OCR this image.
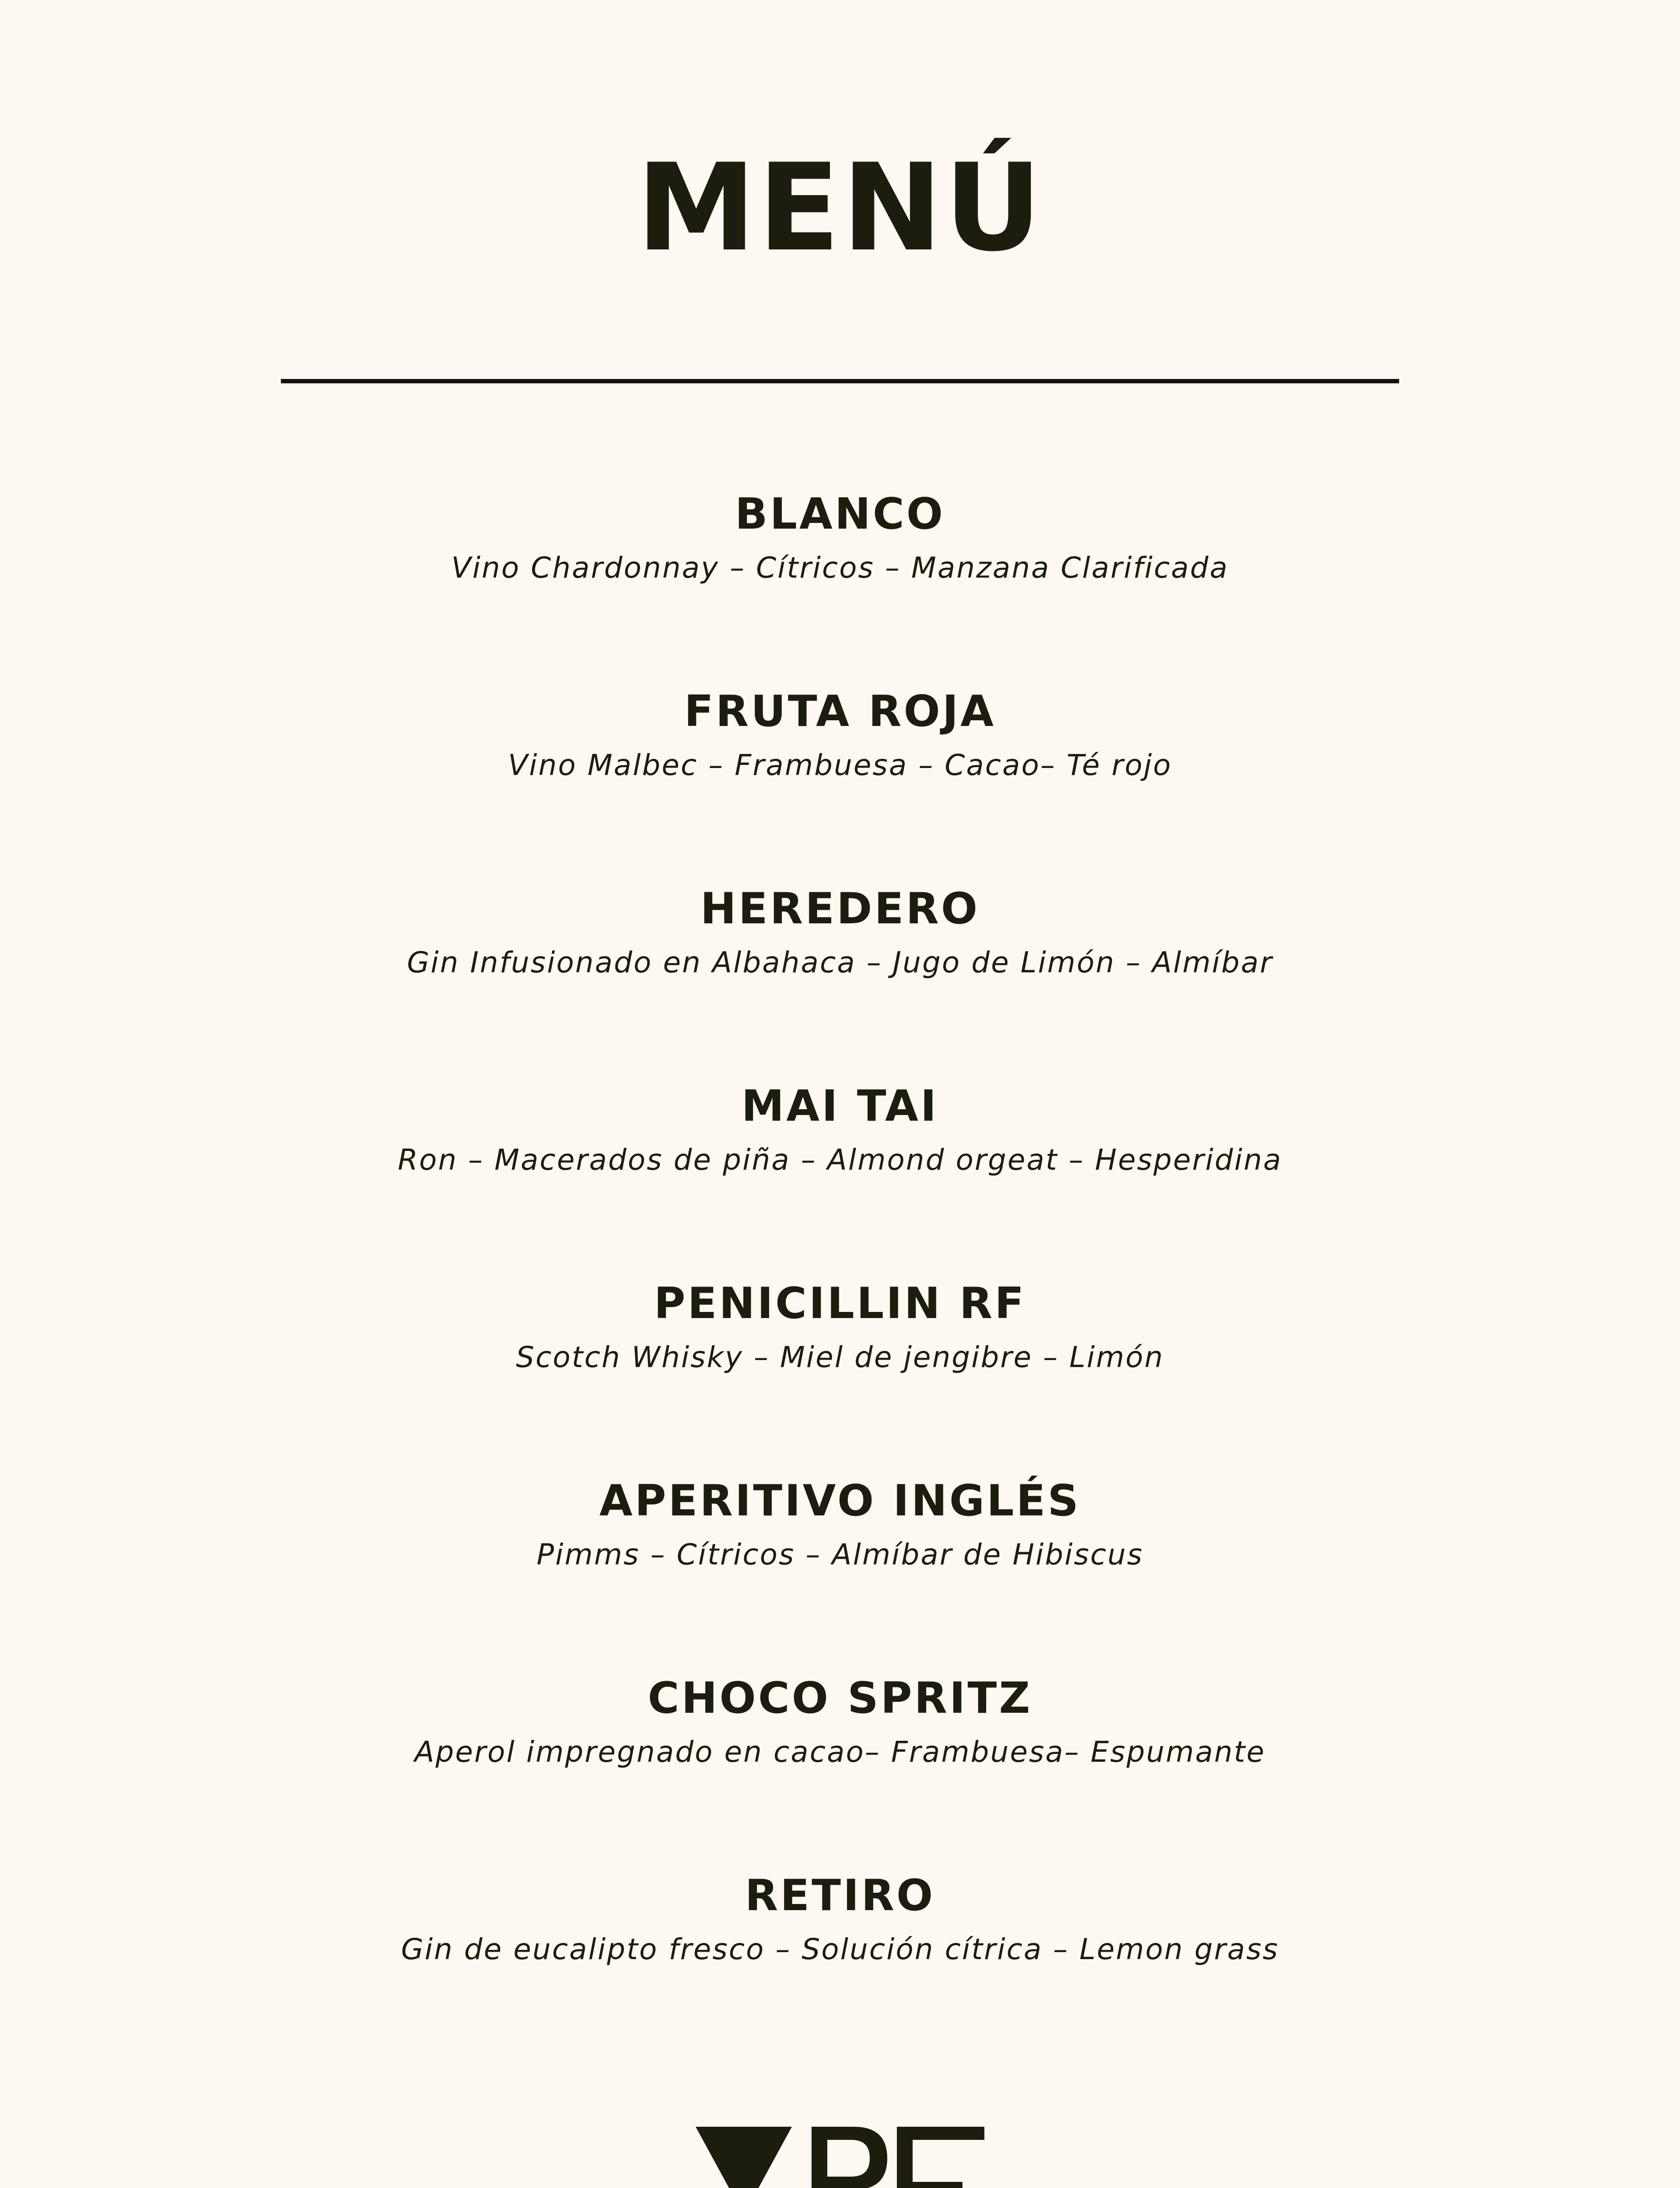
MENÚ
BLANCO
Vino Chardonnay – Cítricos – Manzana Clarificada
FRUTA ROJA
Vino Malbec – Frambuesa – Cacao– Té rojo
HEREDERO
Gin Infusionado en Albahaca – Jugo de Limón – Almíbar
MAI TAI
Ron – Macerados de piña – Almond orgeat – Hesperidina
PENICILLIN RF
Scotch Whisky – Miel de jengibre – Limón
APERITIVO INGLÉS
Pimms – Cítricos – Almíbar de Hibiscus
CHOCO SPRITZ
Aperol impregnado en cacao– Frambuesa– Espumante
RETIRO
Gin de eucalipto fresco – Solución cítrica – Lemon grass
